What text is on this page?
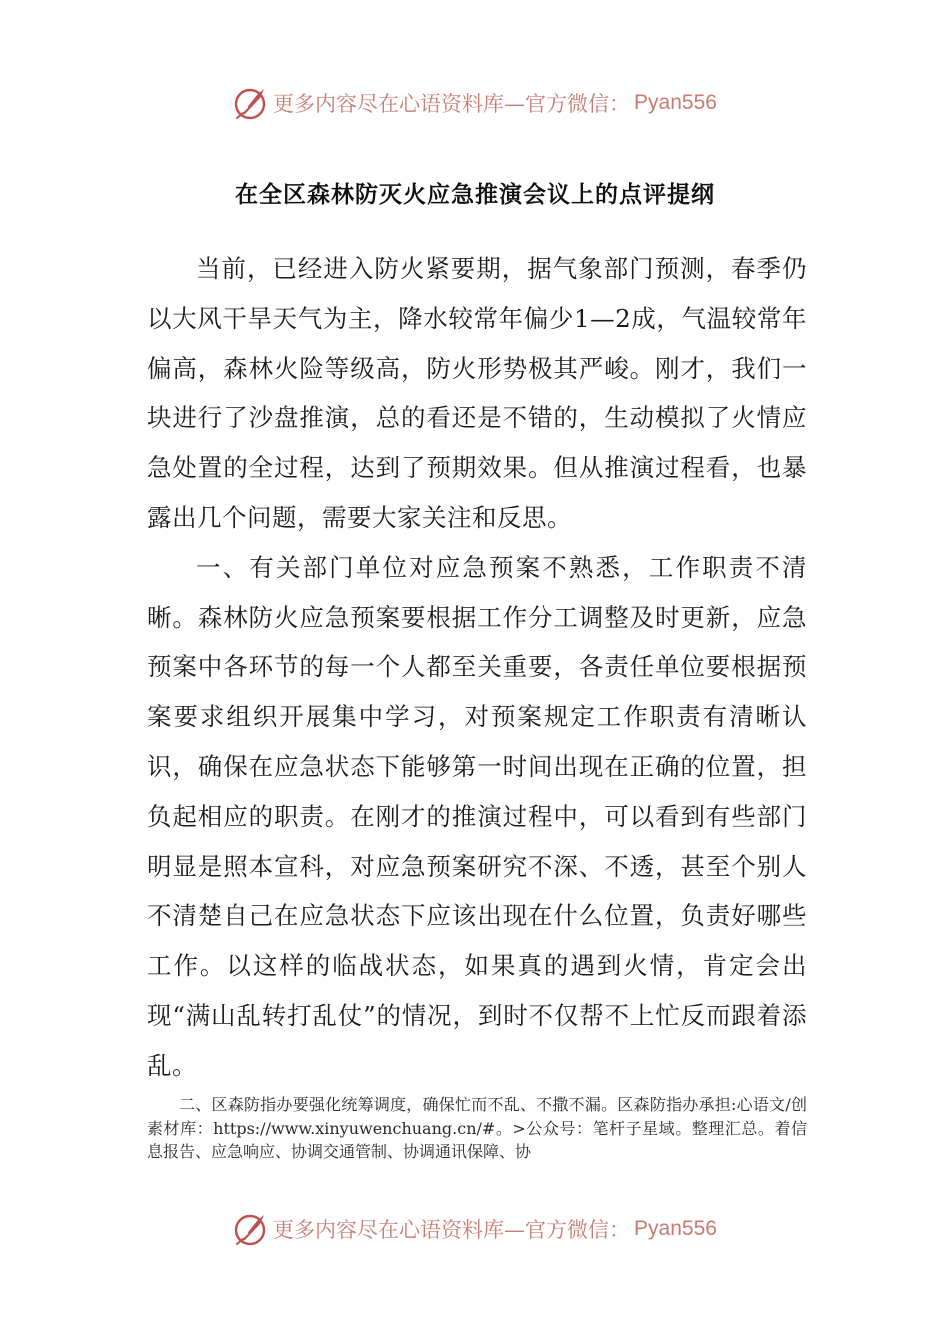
更多内容尽在心语资料库—官方微信： Pyan556
在全区森林防灭火应急推演会议上的点评提纲

当前，已经进入防火紧要期，据气象部门预测，春季仍以大风干旱天气为主，降水较常年偏少1—2成，气温较常年偏高，森林火险等级高，防火形势极其严峻。刚才，我们一块进行了沙盘推演，总的看还是不错的，生动模拟了火情应急处置的全过程，达到了预期效果。但从推演过程看，也暴露出几个问题，需要大家关注和反思。

一、有关部门单位对应急预案不熟悉，工作职责不清晰。森林防火应急预案要根据工作分工调整及时更新，应急预案中各环节的每一个人都至关重要，各责任单位要根据预案要求组织开展集中学习，对预案规定工作职责有清晰认识，确保在应急状态下能够第一时间出现在正确的位置，担负起相应的职责。在刚才的推演过程中，可以看到有些部门明显是照本宣科，对应急预案研究不深、不透，甚至个别人不清楚自己在应急状态下应该出现在什么位置，负责好哪些工作。以这样的临战状态，如果真的遇到火情，肯定会出现“满山乱转打乱仗”的情况，到时不仅帮不上忙反而跟着添乱。

二、区森防指办要强化统筹调度，确保忙而不乱、不撒不漏。区森防指办承担:心语文/创素材库：https://www.xinyuwenchuang.cn/#。>公众号：笔杆子星域。整理汇总。着信息报告、应急响应、协调交通管制、协调通讯保障、协

更多内容尽在心语资料库—官方微信： Pyan556
